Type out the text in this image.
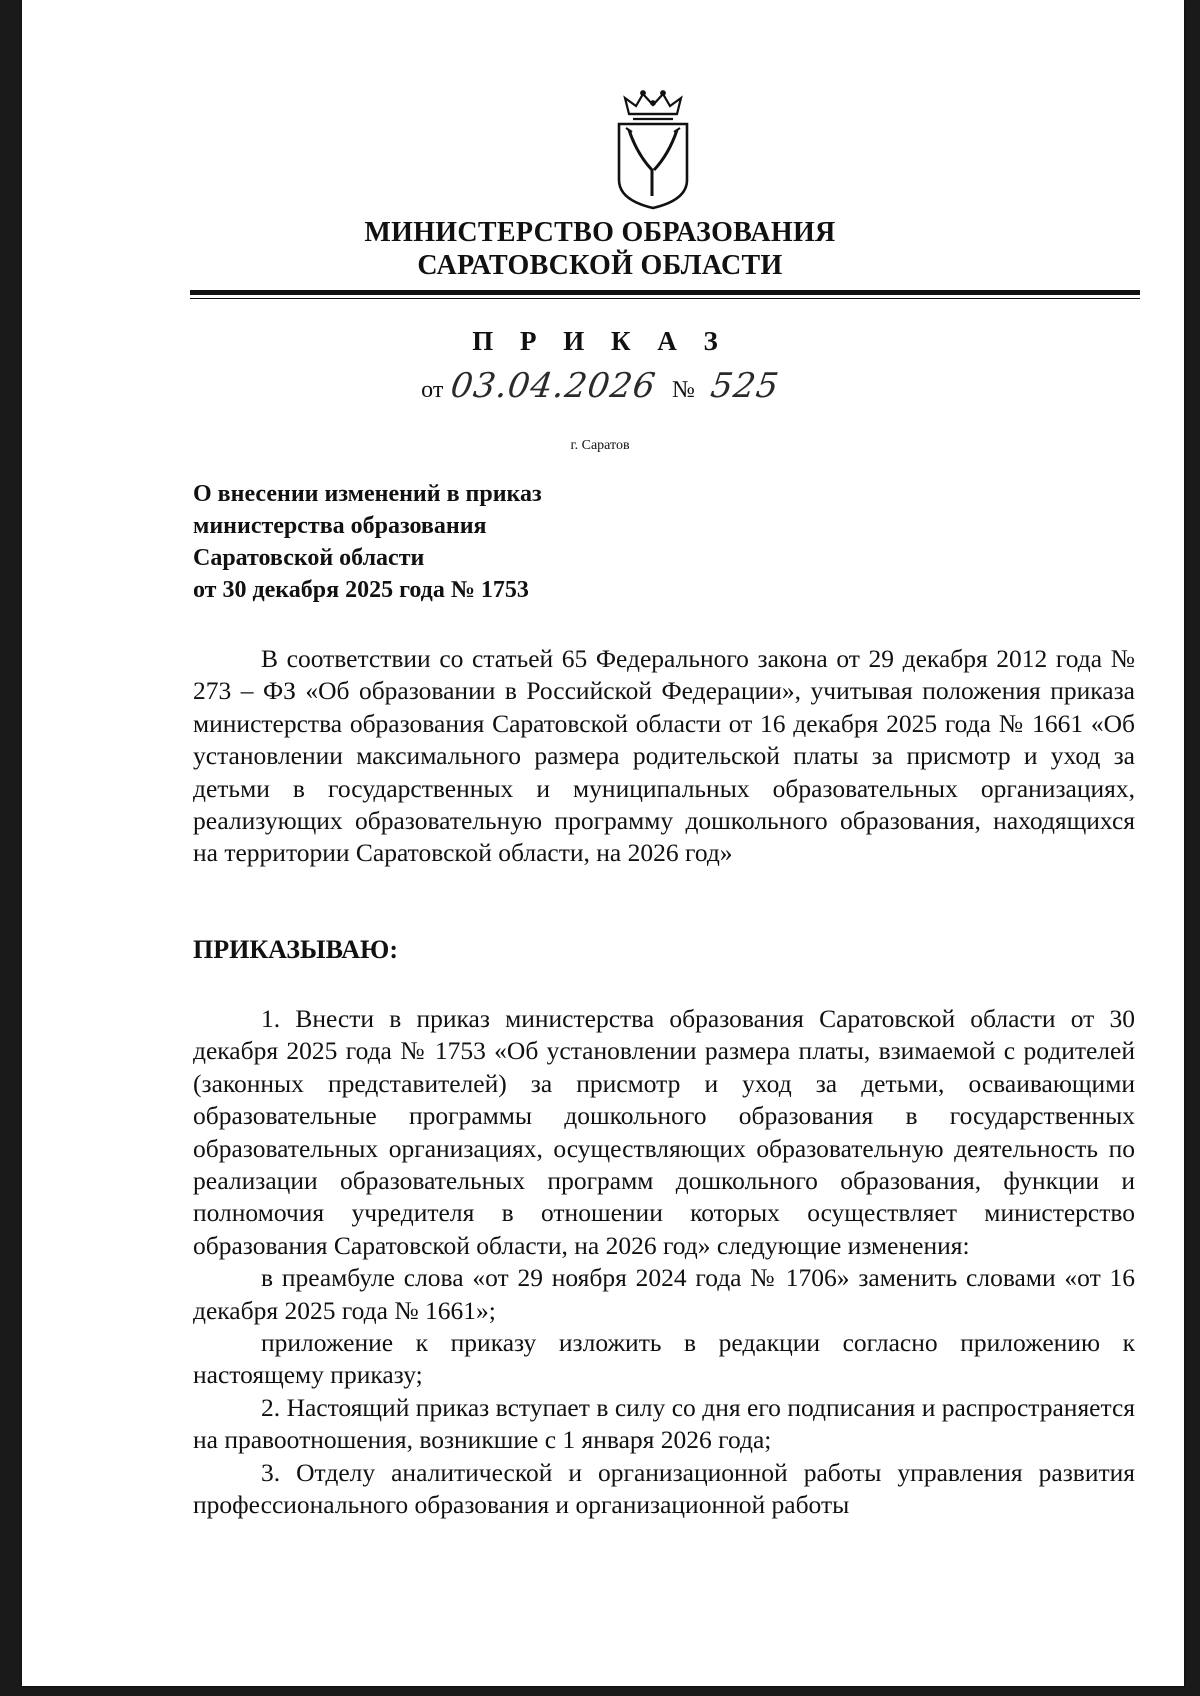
МИНИСТЕРСТВО ОБРАЗОВАНИЯ
САРАТОВСКОЙ ОБЛАСТИ
П Р И К А З
от 03.04.2026 № 525
г. Саратов
О внесении изменений в приказ
министерства образования
Саратовской области
от 30 декабря 2025 года № 1753

В соответствии со статьей 65 Федерального закона от 29 декабря 2012 года № 273 – ФЗ «Об образовании в Российской Федерации», учитывая положения приказа министерства образования Саратовской области от 16 декабря 2025 года № 1661 «Об установлении максимального размера родительской платы за присмотр и уход за детьми в государственных и муниципальных образовательных организациях, реализующих образовательную программу дошкольного образования, находящихся на территории Саратовской области, на 2026 год»

ПРИКАЗЫВАЮ:

1. Внести в приказ министерства образования Саратовской области от 30 декабря 2025 года № 1753 «Об установлении размера платы, взимаемой с родителей (законных представителей) за присмотр и уход за детьми, осваивающими образовательные программы дошкольного образования в государственных образовательных организациях, осуществляющих образовательную деятельность по реализации образовательных программ дошкольного образования, функции и полномочия учредителя в отношении которых осуществляет министерство образования Саратовской области, на 2026 год» следующие изменения:

в преамбуле слова «от 29 ноября 2024 года № 1706» заменить словами «от 16 декабря 2025 года № 1661»;

приложение к приказу изложить в редакции согласно приложению к настоящему приказу;

2. Настоящий приказ вступает в силу со дня его подписания и распространяется на правоотношения, возникшие с 1 января 2026 года;

3. Отделу аналитической и организационной работы управления развития профессионального образования и организационной работы
